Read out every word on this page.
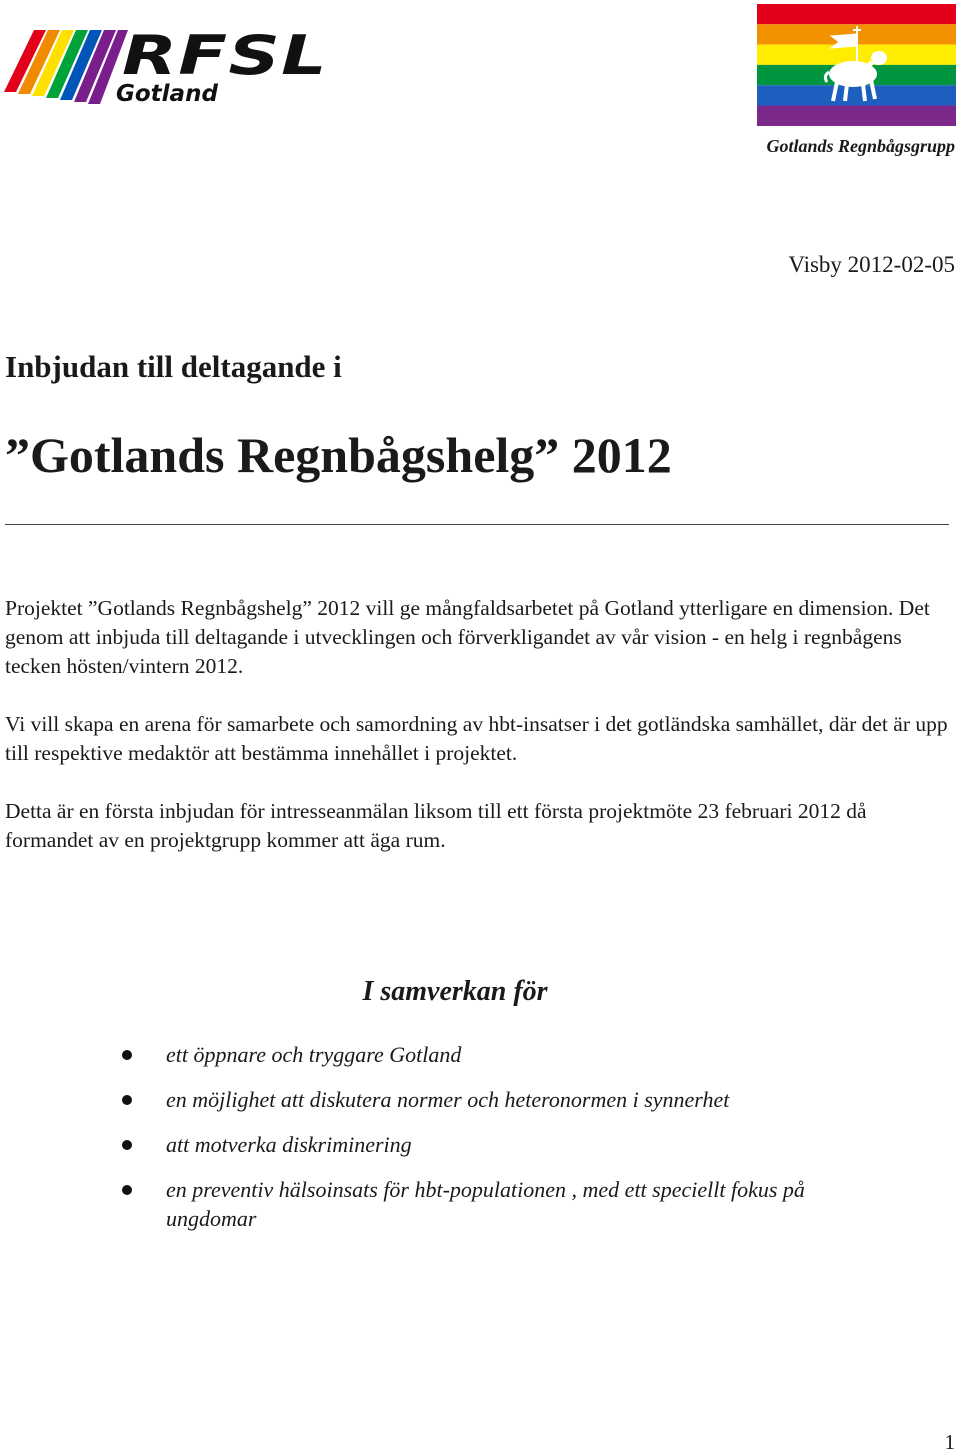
RFSL
Gotland
Gotlands Regnbågsgrupp
Visby 2012-02-05
Inbjudan till deltagande i
”Gotlands Regnbågshelg” 2012

Projektet ”Gotlands Regnbågshelg” 2012 vill ge mångfaldsarbetet på Gotland ytterligare en dimension. Det genom att inbjuda till deltagande i utvecklingen och förverkligandet av vår vision - en helg i regnbågens tecken hösten/vintern 2012.

Vi vill skapa en arena för samarbete och samordning av hbt-insatser i det gotländska samhället, där det är upp till respektive medaktör att bestämma innehållet i projektet.

Detta är en första inbjudan för intresseanmälan liksom till ett första projektmöte 23 februari 2012 då formandet av en projektgrupp kommer att äga rum.

I samverkan för
ett öppnare och tryggare Gotland
en möjlighet att diskutera normer och heteronormen i synnerhet
att motverka diskriminering
en preventiv hälsoinsats för hbt-populationen , med ett speciellt fokus på ungdomar
1
